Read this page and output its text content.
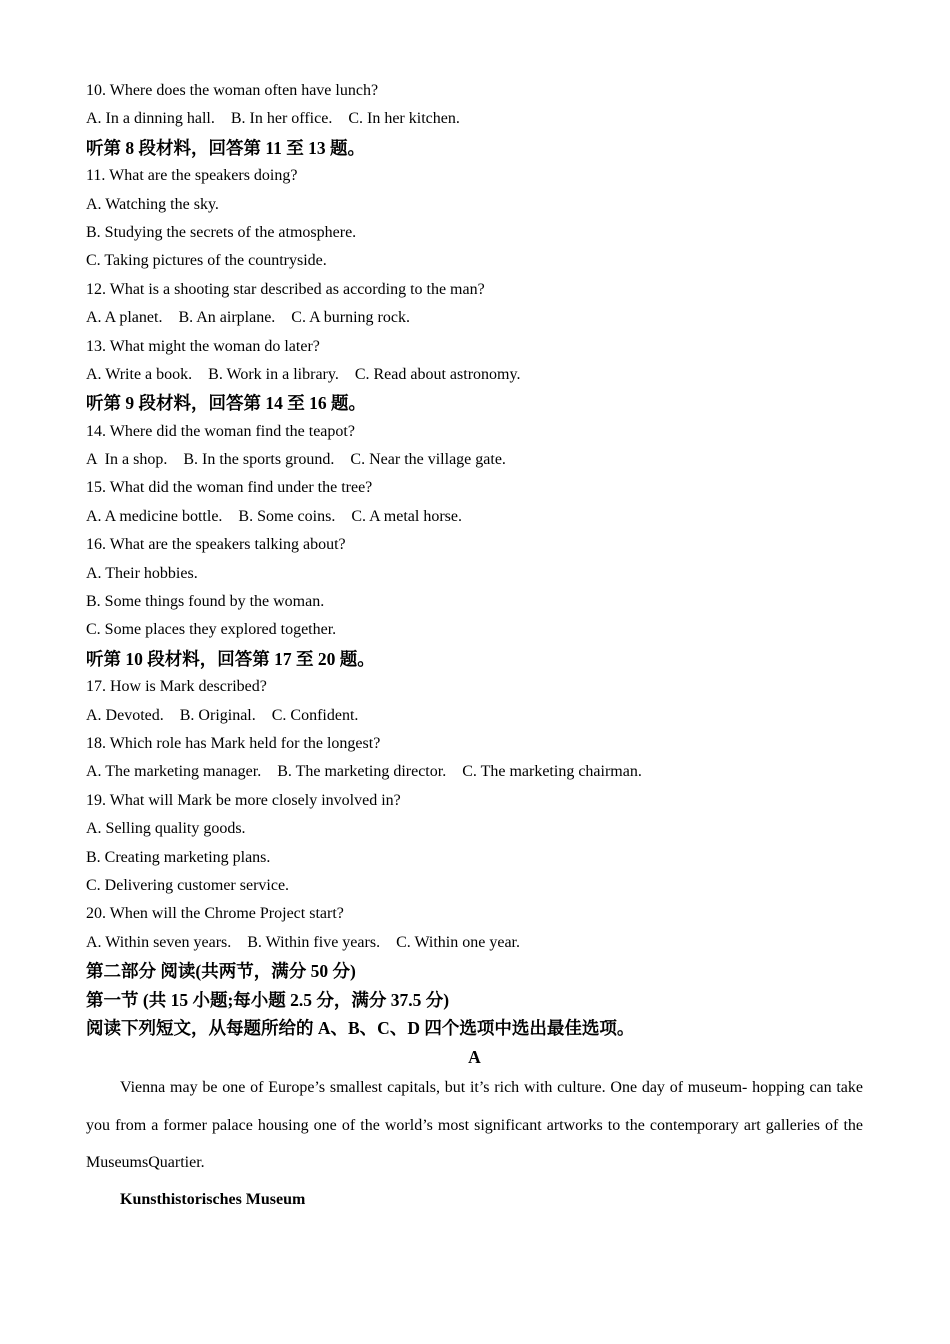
10. Where does the woman often have lunch?
A. In a dinning hall.    B. In her office.    C. In her kitchen.
听第 8 段材料，回答第 11 至 13 题。
11. What are the speakers doing?
A. Watching the sky.
B. Studying the secrets of the atmosphere.
C. Taking pictures of the countryside.
12. What is a shooting star described as according to the man?
A. A planet.    B. An airplane.    C. A burning rock.
13. What might the woman do later?
A. Write a book.    B. Work in a library.    C. Read about astronomy.
听第 9 段材料，回答第 14 至 16 题。
14. Where did the woman find the teapot?
A  In a shop.    B. In the sports ground.    C. Near the village gate.
15. What did the woman find under the tree?
A. A medicine bottle.    B. Some coins.    C. A metal horse.
16. What are the speakers talking about?
A. Their hobbies.
B. Some things found by the woman.
C. Some places they explored together.
听第 10 段材料，回答第 17 至 20 题。
17. How is Mark described?
A. Devoted.    B. Original.    C. Confident.
18. Which role has Mark held for the longest?
A. The marketing manager.    B. The marketing director.    C. The marketing chairman.
19. What will Mark be more closely involved in?
A. Selling quality goods.
B. Creating marketing plans.
C. Delivering customer service.
20. When will the Chrome Project start?
A. Within seven years.    B. Within five years.    C. Within one year.
第二部分 阅读(共两节，满分 50 分)
第一节 (共 15 小题;每小题 2.5 分，满分 37.5 分)
阅读下列短文，从每题所给的 A、B、C、D 四个选项中选出最佳选项。
A
Vienna may be one of Europe’s smallest capitals, but it’s rich with culture. One day of museum- hopping can take you from a former palace housing one of the world’s most significant artworks to the contemporary art galleries of the MuseumsQuartier.
Kunsthistorisches Museum
